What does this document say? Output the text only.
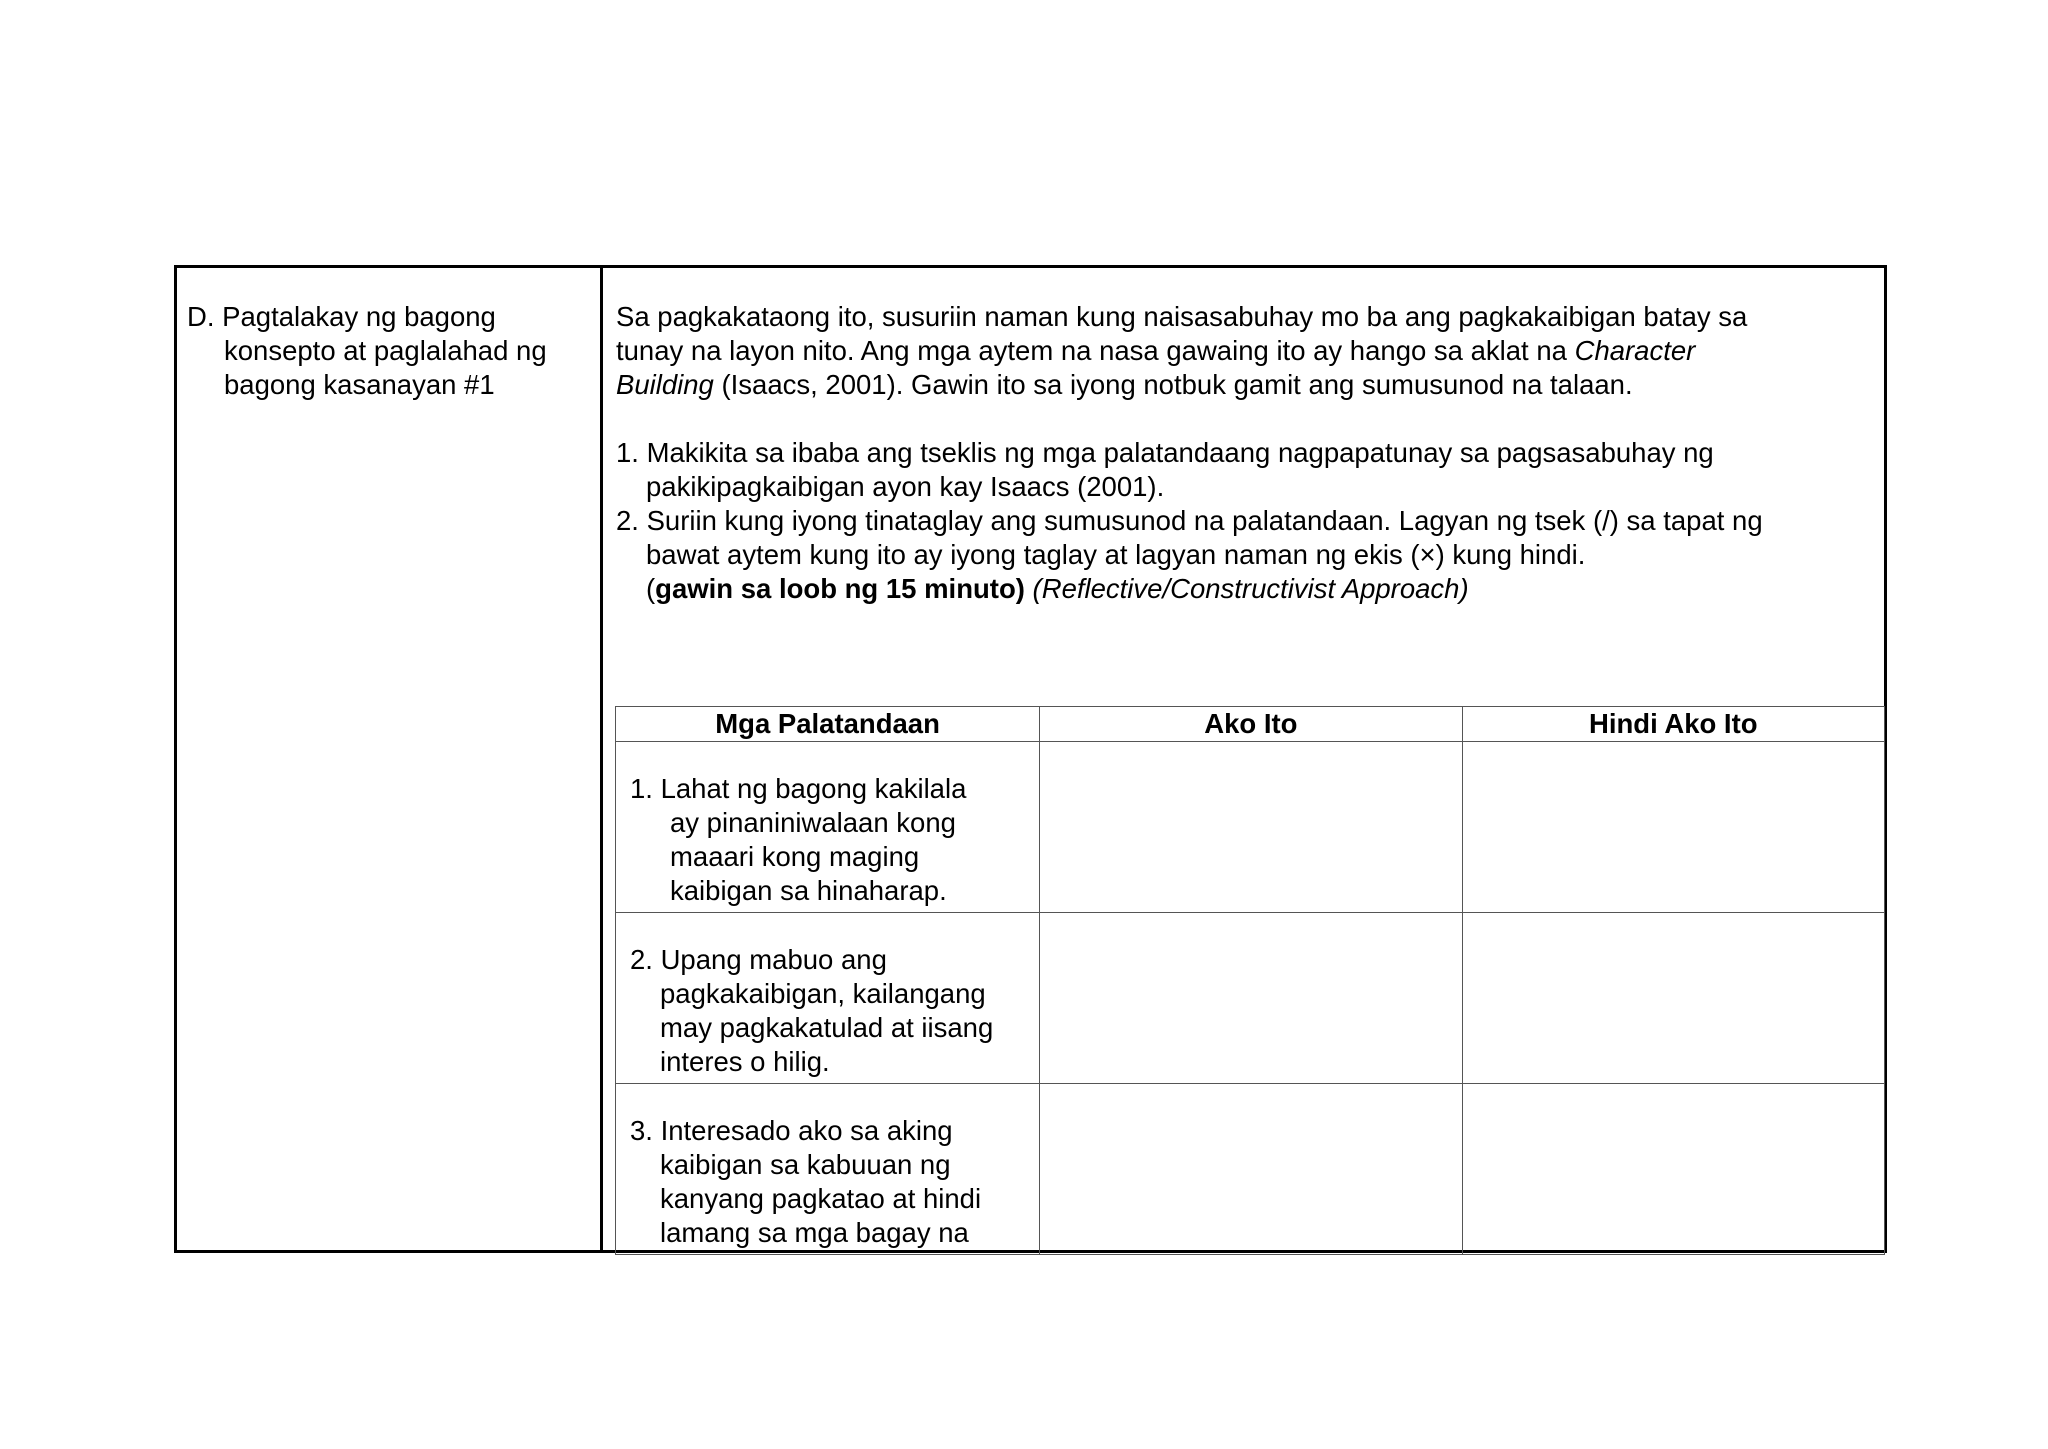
D. Pagtalakay ng bagong
konsepto at paglalahad ng
bagong kasanayan #1

Sa pagkakataong ito, susuriin naman kung naisasabuhay mo ba ang pagkakaibigan batay sa

tunay na layon nito. Ang mga aytem na nasa gawaing ito ay hango sa aklat na Character

Building (Isaacs, 2001). Gawin ito sa iyong notbuk gamit ang sumusunod na talaan.

1. Makikita sa ibaba ang tseklis ng mga palatandaang nagpapatunay sa pagsasabuhay ng

pakikipagkaibigan ayon kay Isaacs (2001).

2. Suriin kung iyong tinataglay ang sumusunod na palatandaan. Lagyan ng tsek (/) sa tapat ng

bawat aytem kung ito ay iyong taglay at lagyan naman ng ekis (×) kung hindi.

(gawin sa loob ng 15 minuto) (Reflective/Constructivist Approach)

Mga Palatandaan	Ako Ito	Hindi Ako Ito

1. Lahat ng bagong kakilala
ay pinaniniwalaan kong
maaari kong maging
kaibigan sa hinaharap.		

2. Upang mabuo ang
pagkakaibigan, kailangang
may pagkakatulad at iisang
interes o hilig.		

3. Interesado ako sa aking
kaibigan sa kabuuan ng
kanyang pagkatao at hindi
lamang sa mga bagay na		
